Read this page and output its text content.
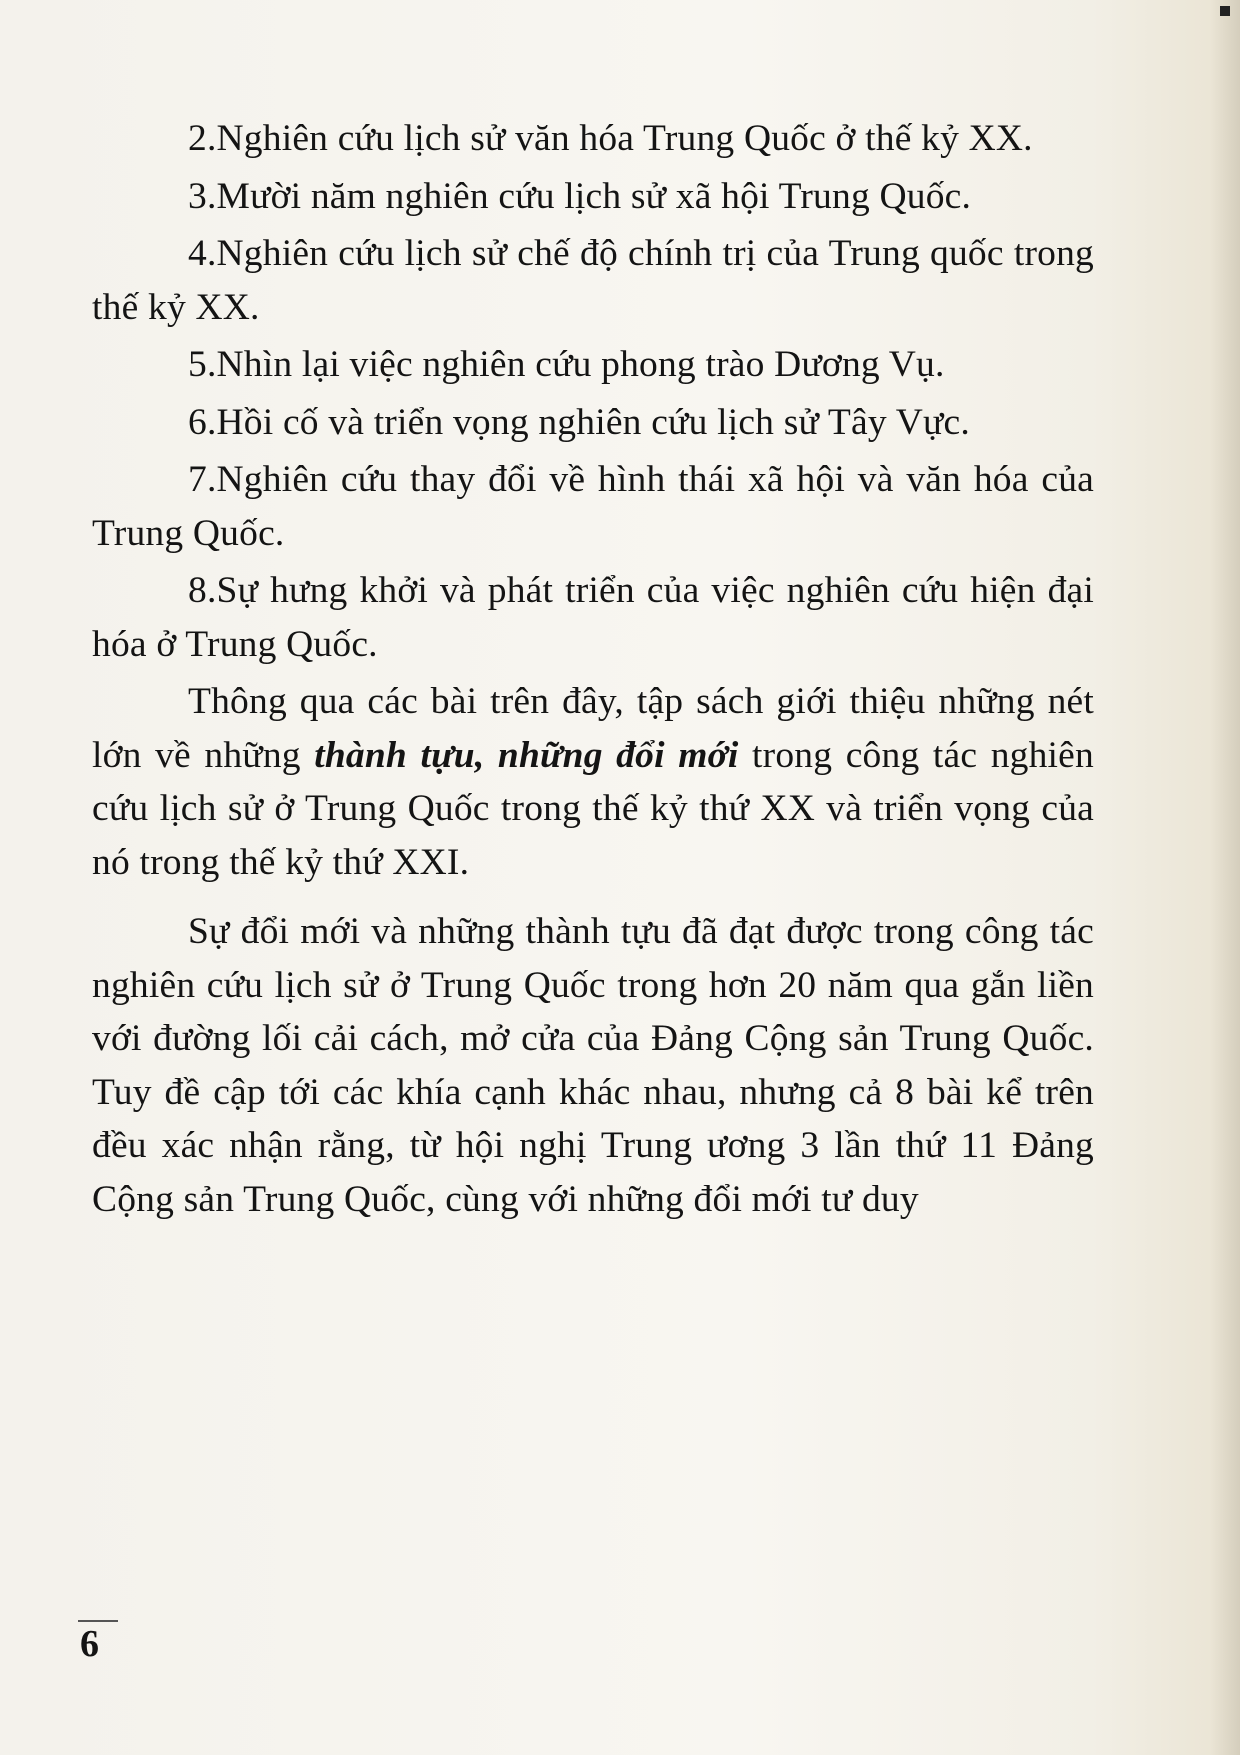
2.Nghiên cứu lịch sử văn hóa Trung Quốc ở thế kỷ XX.

3.Mười năm nghiên cứu lịch sử xã hội Trung Quốc.

4.Nghiên cứu lịch sử chế độ chính trị của Trung quốc trong thế kỷ XX.

5.Nhìn lại việc nghiên cứu phong trào Dương Vụ.

6.Hồi cố và triển vọng nghiên cứu lịch sử Tây Vực.

7.Nghiên cứu thay đổi về hình thái xã hội và văn hóa của Trung Quốc.

8.Sự hưng khởi và phát triển của việc nghiên cứu hiện đại hóa ở Trung Quốc.

Thông qua các bài trên đây, tập sách giới thiệu những nét lớn về những thành tựu, những đổi mới trong công tác nghiên cứu lịch sử ở Trung Quốc trong thế kỷ thứ XX và triển vọng của nó trong thế kỷ thứ XXI.

Sự đổi mới và những thành tựu đã đạt được trong công tác nghiên cứu lịch sử ở Trung Quốc trong hơn 20 năm qua gắn liền với đường lối cải cách, mở cửa của Đảng Cộng sản Trung Quốc. Tuy đề cập tới các khía cạnh khác nhau, nhưng cả 8 bài kể trên đều xác nhận rằng, từ hội nghị Trung ương 3 lần thứ 11 Đảng Cộng sản Trung Quốc, cùng với những đổi mới tư duy

6
